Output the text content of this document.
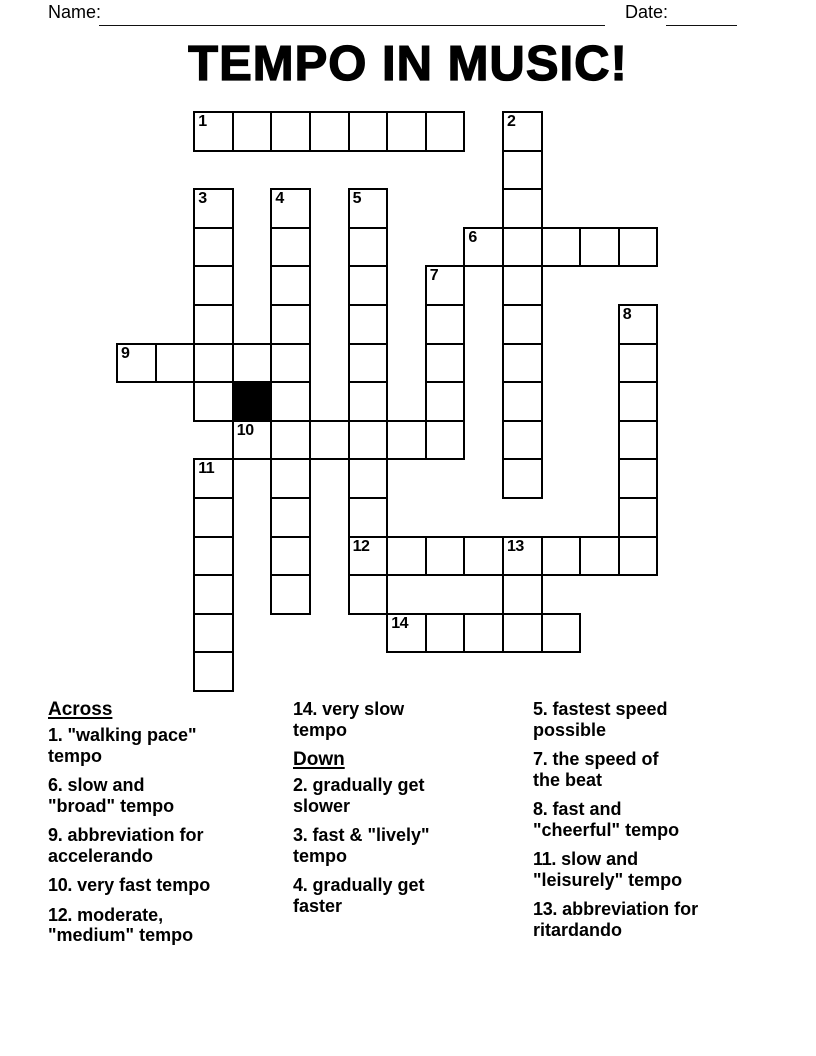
Name:	Date:
TEMPO IN MUSIC!
1	2
3	4	5
12
6
7
8
9
10
11
13
14
Across
1. "walking pace"
tempo
6. slow and
"broad" tempo
9. abbreviation for
accelerando
10. very fast tempo
12. moderate,
"medium" tempo
14. very slow
tempo
Down
2. gradually get
slower
3. fast & "lively"
tempo
4. gradually get
faster
5. fastest speed
possible
7. the speed of
the beat
8. fast and
"cheerful" tempo
11. slow and
"leisurely" tempo
13. abbreviation for
ritardando
